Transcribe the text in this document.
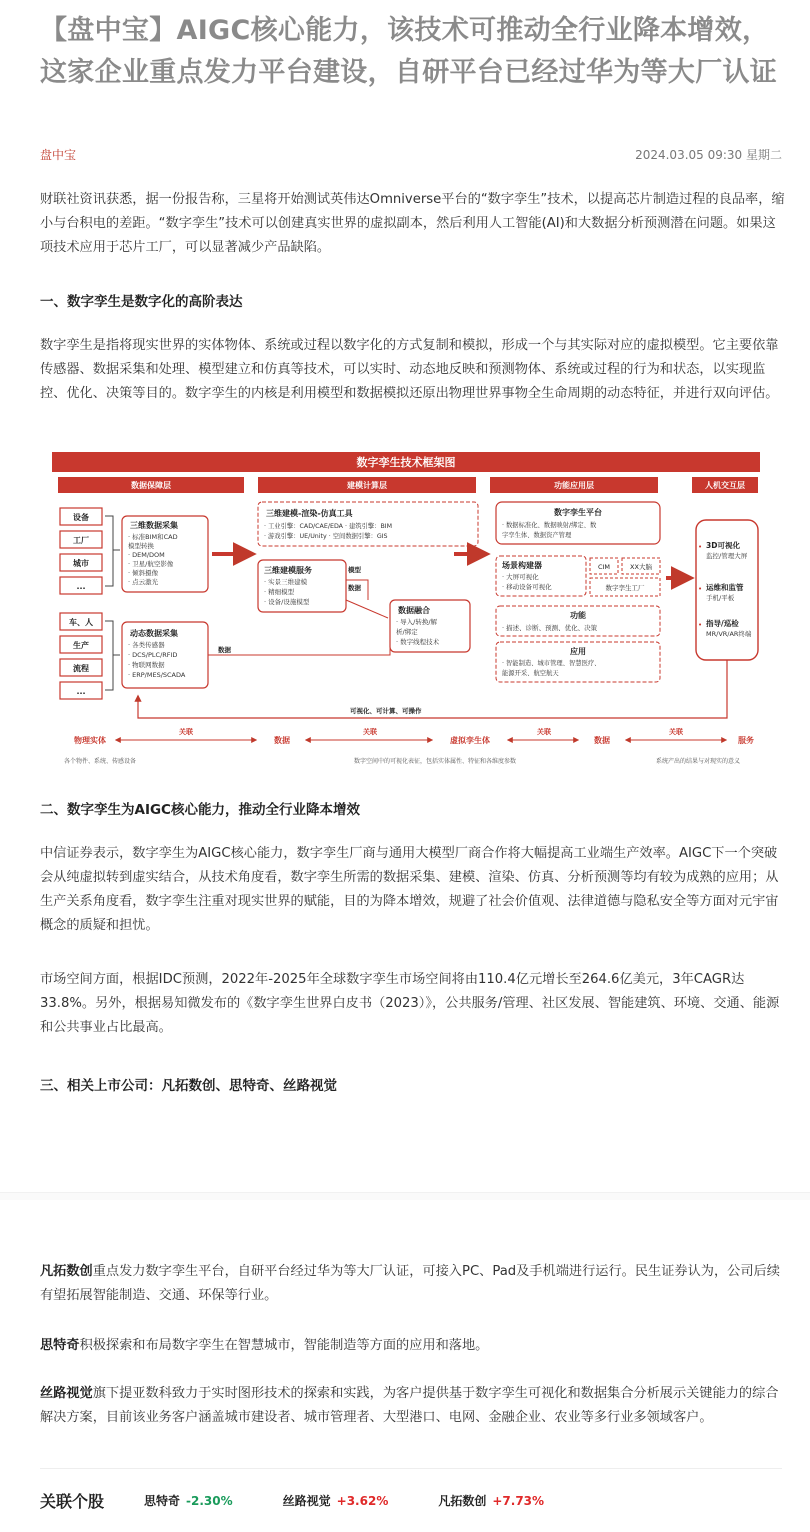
【盘中宝】AIGC核心能力，该技术可推动全行业降本增效，这家企业重点发力平台建设，自研平台已经过华为等大厂认证
盘中宝	2024.03.05 09:30 星期二

财联社资讯获悉，据一份报告称，三星将开始测试英伟达Omniverse平台的“数字孪生”技术，以提高芯片制造过程的良品率，缩小与台积电的差距。“数字孪生”技术可以创建真实世界的虚拟副本，然后利用人工智能(AI)和大数据分析预测潜在问题。如果这项技术应用于芯片工厂，可以显著减少产品缺陷。

一、数字孪生是数字化的高阶表达

数字孪生是指将现实世界的实体物体、系统或过程以数字化的方式复制和模拟，形成一个与其实际对应的虚拟模型。它主要依靠传感器、数据采集和处理、模型建立和仿真等技术，可以实时、动态地反映和预测物体、系统或过程的行为和状态，以实现监控、优化、决策等目的。数字孪生的内核是利用模型和数据模拟还原出物理世界事物全生命周期的动态特征，并进行双向评估。

数字孪生技术框架图
数据保障层	建模计算层	功能应用层	人机交互层
设备
工厂
城市
...
车、人
生产
流程
...
三维数据采集
· 标准BIM和CAD
模型转换
· DEM/DOM
· 卫星/航空影像
· 倾斜摄像
· 点云激光
动态数据采集
· 各类传感器
· DCS/PLC/RFID
· 物联网数据
· ERP/MES/SCADA
数据
三维建模-渲染-仿真工具
· 工业引擎：CAD/CAE/EDA · 建筑引擎：BIM
· 游戏引擎：UE/Unity · 空间数据引擎：GIS
三维建模服务
· 实景三维建模
· 精细模型
· 设备/设施模型
模型
数据
数据融合
· 导入/转换/解
析/绑定
· 数字线程技术
数字孪生平台
· 数据标准化、数据映射/绑定、数
字孪生体、数据资产管理
场景构建器
· 大屏可视化
· 移动设备可视化
CIM	XX大脑
数字孪生工厂
功能
· 描述、诊断、预测、优化、决策
应用
· 智能制造、城市管理、智慧医疗、
能源开采、航空航天
3D可视化
运维和监管
指导/巡检
监控/管理大屏
手机/平板
MR/VR/AR终端
•
•
•
可视化、可计算、可操作
物理实体	数据	虚拟孪生体	数据	服务
关联	关联	关联	关联
各个物件、系统、传感设备	数字空间中的可视化表征，包括实体属性、特征和各维度参数	系统产出的结果与对现实的意义
二、数字孪生为AIGC核心能力，推动全行业降本增效

中信证券表示，数字孪生为AIGC核心能力，数字孪生厂商与通用大模型厂商合作将大幅提高工业端生产效率。AIGC下一个突破会从纯虚拟转到虚实结合，从技术角度看，数字孪生所需的数据采集、建模、渲染、仿真、分析预测等均有较为成熟的应用；从生产关系角度看，数字孪生注重对现实世界的赋能，目的为降本增效，规避了社会价值观、法律道德与隐私安全等方面对元宇宙概念的质疑和担忧。

市场空间方面，根据IDC预测，2022年-2025年全球数字孪生市场空间将由110.4亿元增长至264.6亿美元，3年CAGR达33.8%。另外，根据易知微发布的《数字孪生世界白皮书（2023）》，公共服务/管理、社区发展、智能建筑、环境、交通、能源和公共事业占比最高。

三、相关上市公司：凡拓数创、思特奇、丝路视觉

凡拓数创重点发力数字孪生平台，自研平台经过华为等大厂认证，可接入PC、Pad及手机端进行运行。民生证券认为，公司后续有望拓展智能制造、交通、环保等行业。

思特奇积极探索和布局数字孪生在智慧城市，智能制造等方面的应用和落地。

丝路视觉旗下提亚数科致力于实时图形技术的探索和实践，为客户提供基于数字孪生可视化和数据集合分析展示关键能力的综合解决方案，目前该业务客户涵盖城市建设者、城市管理者、大型港口、电网、金融企业、农业等多行业多领域客户。

关联个股	思特奇 -2.30%	丝路视觉 +3.62%	凡拓数创 +7.73%
